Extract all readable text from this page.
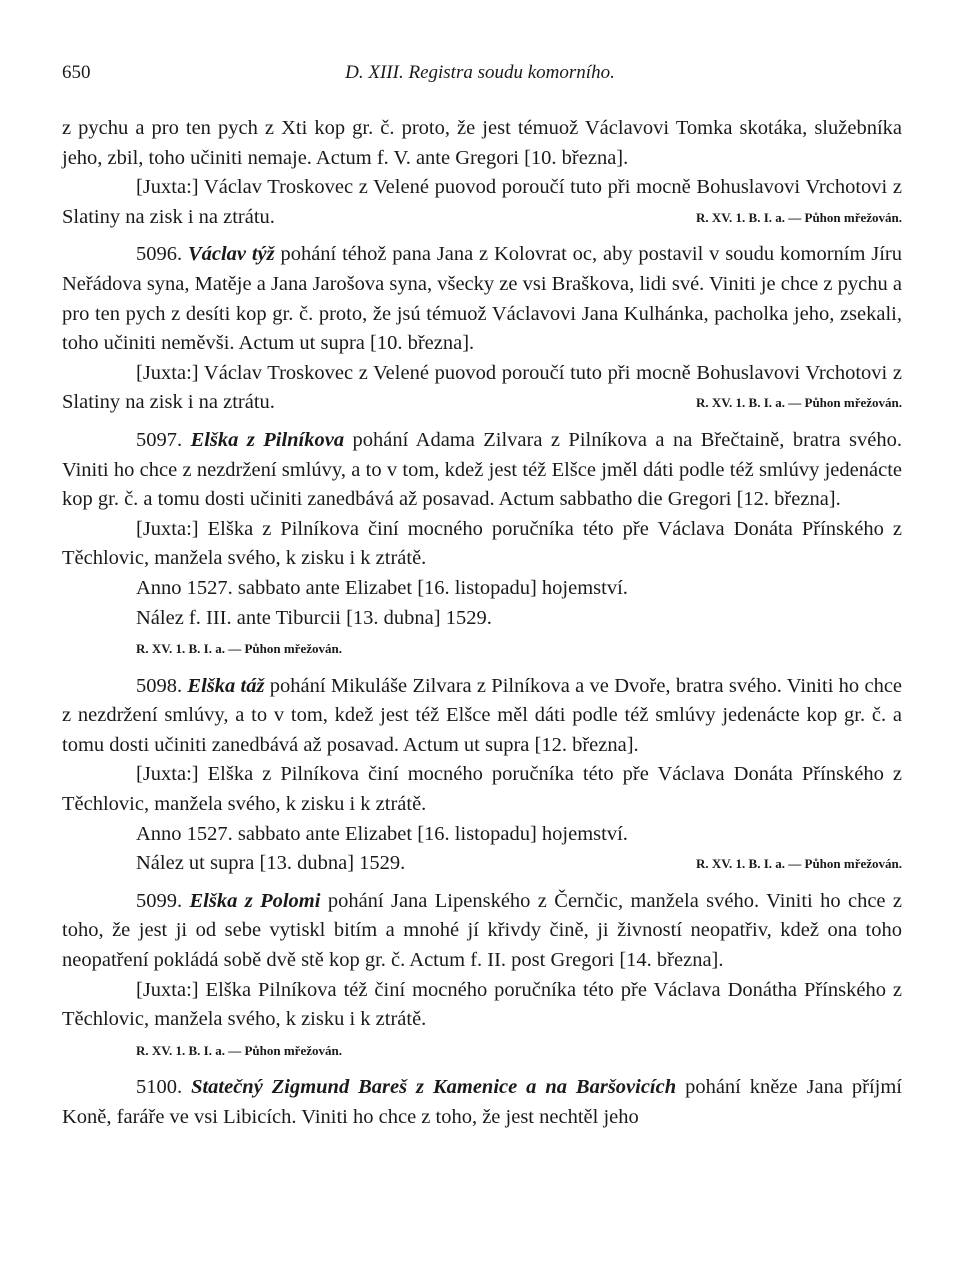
650	D. XIII. Registra soudu komorního.

z pychu a pro ten pych z Xti kop gr. č. proto, že jest témuož Václavovi Tomka skotáka, služebníka jeho, zbil, toho učiniti nemaje. Actum f. V. ante Gregori [10. března].

[Juxta:] Václav Troskovec z Velené puovod poroučí tuto při mocně Bohuslavovi Vrchotovi z Slatiny na zisk i na ztrátu.	R. XV. 1. B. I. a. — Půhon mřežován.

5096. Václav týž pohání téhož pana Jana z Kolovrat oc, aby postavil v soudu komorním Jíru Neřádova syna, Matěje a Jana Jarošova syna, všecky ze vsi Braškova, lidi své. Viniti je chce z pychu a pro ten pych z desíti kop gr. č. proto, že jsú témuož Václavovi Jana Kulhánka, pacholka jeho, zsekali, toho učiniti neměvši. Actum ut supra [10. března].

[Juxta:] Václav Troskovec z Velené puovod poroučí tuto při mocně Bohuslavovi Vrchotovi z Slatiny na zisk i na ztrátu.	R. XV. 1. B. I. a. — Půhon mřežován.

5097. Elška z Pilníkova pohání Adama Zilvara z Pilníkova a na Břečtaině, bratra svého. Viniti ho chce z nezdržení smlúvy, a to v tom, kdež jest též Elšce jměl dáti podle též smlúvy jedenácte kop gr. č. a tomu dosti učiniti zanedbává až posavad. Actum sabbatho die Gregori [12. března].

[Juxta:] Elška z Pilníkova činí mocného poručníka této pře Václava Donáta Přínského z Těchlovic, manžela svého, k zisku i k ztrátě.

Anno 1527. sabbato ante Elizabet [16. listopadu] hojemství.

Nález f. III. ante Tiburcii [13. dubna] 1529.

R. XV. 1. B. I. a. — Půhon mřežován.

5098. Elška táž pohání Mikuláše Zilvara z Pilníkova a ve Dvoře, bratra svého. Viniti ho chce z nezdržení smlúvy, a to v tom, kdež jest též Elšce měl dáti podle též smlúvy jedenácte kop gr. č. a tomu dosti učiniti zanedbává až posavad. Actum ut supra [12. března].

[Juxta:] Elška z Pilníkova činí mocného poručníka této pře Václava Donáta Přínského z Těchlovic, manžela svého, k zisku i k ztrátě.

Anno 1527. sabbato ante Elizabet [16. listopadu] hojemství.

Nález ut supra [13. dubna] 1529.	R. XV. 1. B. I. a. — Půhon mřežován.

5099. Elška z Polomi pohání Jana Lipenského z Černčic, manžela svého. Viniti ho chce z toho, že jest ji od sebe vytiskl bitím a mnohé jí křivdy čině, ji živností neopatřiv, kdež ona toho neopatření pokládá sobě dvě stě kop gr. č. Actum f. II. post Gregori [14. března].

[Juxta:] Elška Pilníkova též činí mocného poručníka této pře Václava Donátha Přínského z Těchlovic, manžela svého, k zisku i k ztrátě.

R. XV. 1. B. I. a. — Půhon mřežován.

5100. Statečný Zigmund Bareš z Kamenice a na Baršovicích pohání kněze Jana příjmí Koně, faráře ve vsi Libicích. Viniti ho chce z toho, že jest nechtěl jeho
